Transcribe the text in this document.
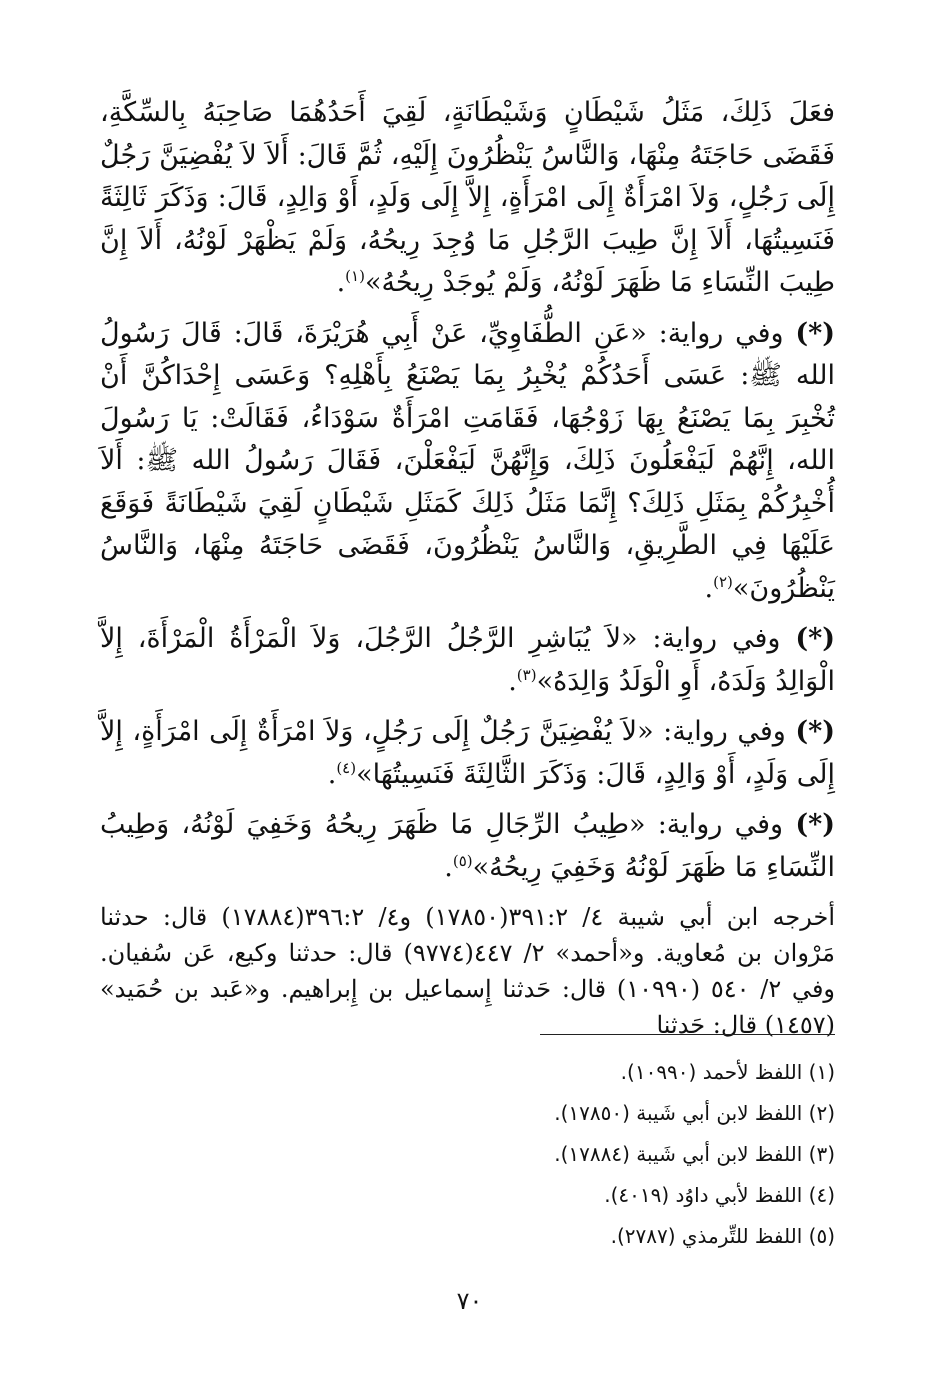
فعَلَ ذَلِكَ، مَثَلُ شَيْطَانٍ وَشَيْطَانَةٍ، لَقِيَ أَحَدُهُمَا صَاحِبَهُ بِالسِّكَّةِ، فَقَضَى حَاجَتَهُ مِنْهَا، وَالنَّاسُ يَنْظُرُونَ إِلَيْهِ، ثُمَّ قَالَ: أَلاَ لاَ يُفْضِيَنَّ رَجُلٌ إِلَى رَجُلٍ، وَلاَ امْرَأَةٌ إِلَى امْرَأَةٍ، إِلاَّ إِلَى وَلَدٍ، أَوْ وَالِدٍ، قَالَ: وَذَكَرَ ثَالِثَةً فَنَسِيتُهَا، أَلاَ إِنَّ طِيبَ الرَّجُلِ مَا وُجِدَ رِيحُهُ، وَلَمْ يَظْهَرْ لَوْنُهُ، أَلاَ إِنَّ طِيبَ النِّسَاءِ مَا ظَهَرَ لَوْنُهُ، وَلَمْ يُوجَدْ رِيحُهُ»$^{(١)}$.

(*) وفي رواية: «عَنِ الطُّفَاوِيِّ، عَنْ أَبِي هُرَيْرَةَ، قَالَ: قَالَ رَسُولُ الله ﷺ: عَسَى أَحَدُكُمْ يُخْبِرُ بِمَا يَصْنَعُ بِأَهْلِهِ؟ وَعَسَى إِحْدَاكُنَّ أَنْ تُخْبِرَ بِمَا يَصْنَعُ بِهَا زَوْجُهَا، فَقَامَتِ امْرَأَةٌ سَوْدَاءُ، فَقَالَتْ: يَا رَسُولَ الله، إِنَّهُمْ لَيَفْعَلُونَ ذَلِكَ، وَإِنَّهُنَّ لَيَفْعَلْنَ، فَقَالَ رَسُولُ الله ﷺ: أَلاَ أُخْبِرُكُمْ بِمَثَلِ ذَلِكَ؟ إِنَّمَا مَثَلُ ذَلِكَ كَمَثَلِ شَيْطَانٍ لَقِيَ شَيْطَانَةً فَوَقَعَ عَلَيْهَا فِي الطَّرِيقِ، وَالنَّاسُ يَنْظُرُونَ، فَقَضَى حَاجَتَهُ مِنْهَا، وَالنَّاسُ يَنْظُرُونَ»$^{(٢)}$.

(*) وفي رواية: «لاَ يُبَاشِرِ الرَّجُلُ الرَّجُلَ، وَلاَ الْمَرْأَةُ الْمَرْأَةَ، إِلاَّ الْوَالِدُ وَلَدَهُ، أَوِ الْوَلَدُ وَالِدَهُ»$^{(٣)}$.

(*) وفي رواية: «لاَ يُفْضِيَنَّ رَجُلٌ إِلَى رَجُلٍ، وَلاَ امْرَأَةٌ إِلَى امْرَأَةٍ، إِلاَّ إِلَى وَلَدٍ، أَوْ وَالِدٍ، قَالَ: وَذَكَرَ الثَّالِثَةَ فَنَسِيتُهَا»$^{(٤)}$.

(*) وفي رواية: «طِيبُ الرِّجَالِ مَا ظَهَرَ رِيحُهُ وَخَفِيَ لَوْنُهُ، وَطِيبُ النِّسَاءِ مَا ظَهَرَ لَوْنُهُ وَخَفِيَ رِيحُهُ»$^{(٥)}$.

أخرجه ابن أبي شيبة ٤/ ٣٩١:٢(١٧٨٥٠) و٤/ ٣٩٦:٢(١٧٨٨٤) قال: حدثنا مَرْوان بن مُعاوية. و«أحمد» ٢/ ٤٤٧(٩٧٧٤) قال: حدثنا وكيع، عَن سُفيان. وفي ٢/ ٥٤٠ (١٠٩٩٠) قال: حَدثنا إِسماعيل بن إِبراهيم. و«عَبد بن حُمَيد» (١٤٥٧) قال: حَدثنا

(١) اللفظ لأحمد (١٠٩٩٠).
(٢) اللفظ لابن أبي شَيبة (١٧٨٥٠).
(٣) اللفظ لابن أبي شَيبة (١٧٨٨٤).
(٤) اللفظ لأبي داوُد (٤٠١٩).
(٥) اللفظ للتِّرمذي (٢٧٨٧).
٧٠
